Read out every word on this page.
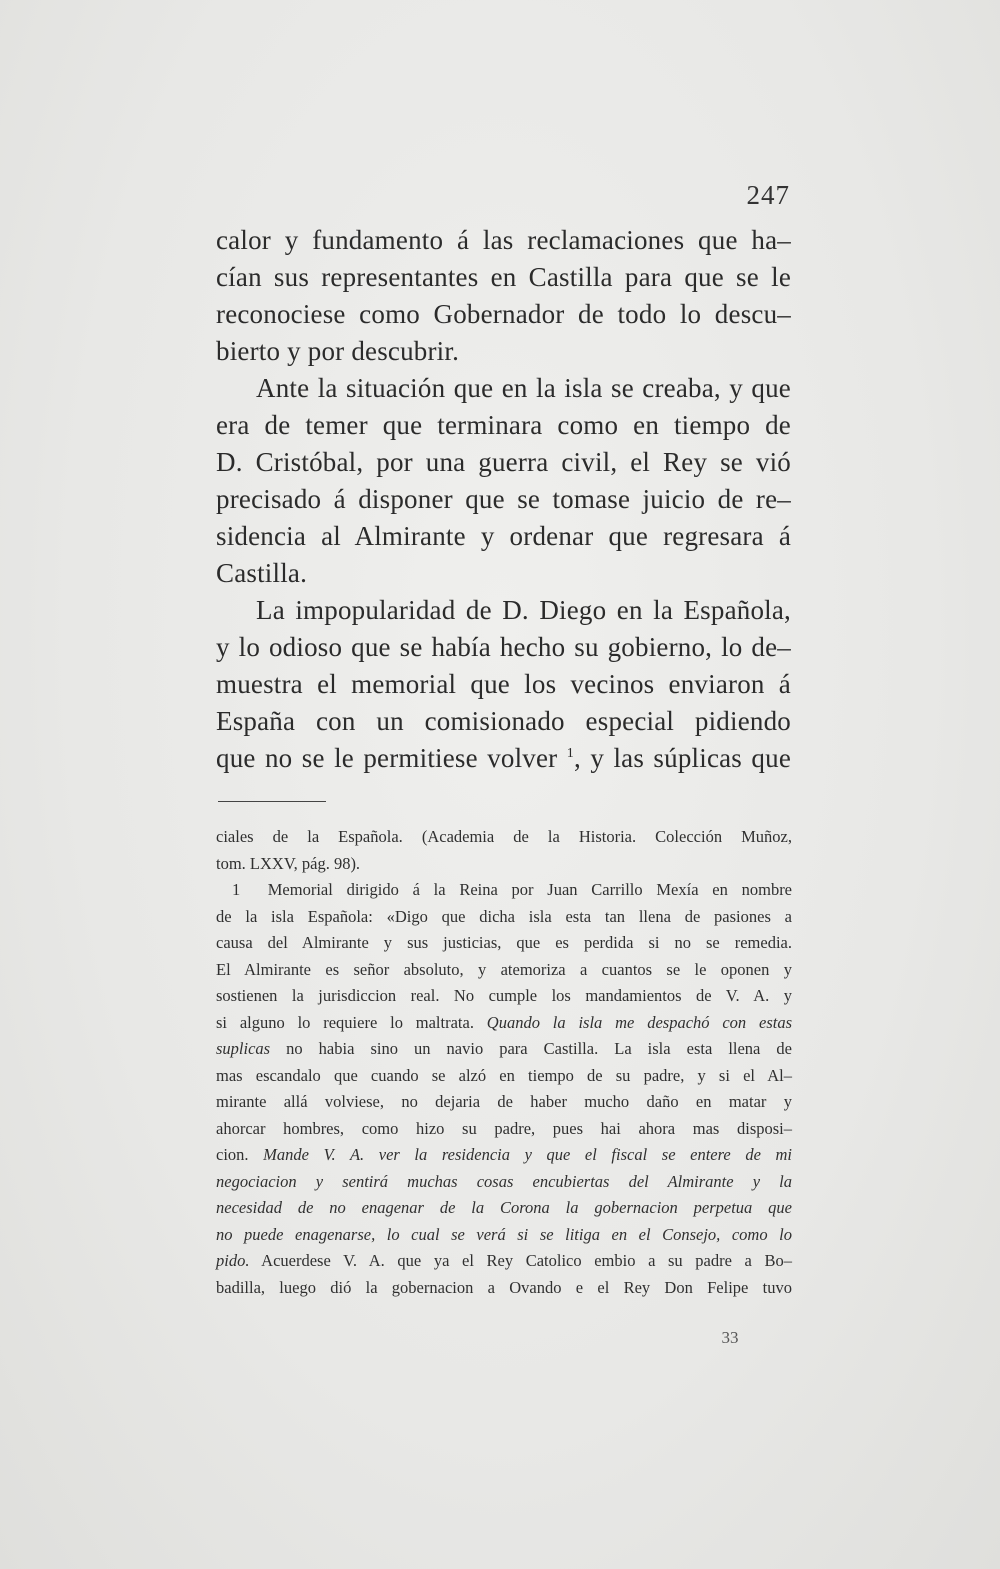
247
calor y fundamento á las reclamaciones que ha–
cían sus representantes en Castilla para que se le
reconociese como Gobernador de todo lo descu–
bierto y por descubrir.
Ante la situación que en la isla se creaba, y que
era de temer que terminara como en tiempo de
D. Cristóbal, por una guerra civil, el Rey se vió
precisado á disponer que se tomase juicio de re–
sidencia al Almirante y ordenar que regresara á
Castilla.
La impopularidad de D. Diego en la Española,
y lo odioso que se había hecho su gobierno, lo de–
muestra el memorial que los vecinos enviaron á
España con un comisionado especial pidiendo
que no se le permitiese volver $^1$, y las súplicas que
ciales de la Española. (Academia de la Historia. Colección Muñoz,
tom. LXXV, pág. 98).
1 Memorial dirigido á la Reina por Juan Carrillo Mexía en nombre
de la isla Española: «Digo que dicha isla esta tan llena de pasiones a
causa del Almirante y sus justicias, que es perdida si no se remedia.
El Almirante es señor absoluto, y atemoriza a cuantos se le oponen y
sostienen la jurisdiccion real. No cumple los mandamientos de V. A. y
si alguno lo requiere lo maltrata. Quando la isla me despachó con estas
suplicas no habia sino un navio para Castilla. La isla esta llena de
mas escandalo que cuando se alzó en tiempo de su padre, y si el Al–
mirante allá volviese, no dejaria de haber mucho daño en matar y
ahorcar hombres, como hizo su padre, pues hai ahora mas disposi–
cion. Mande V. A. ver la residencia y que el fiscal se entere de mi
negociacion y sentirá muchas cosas encubiertas del Almirante y la
necesidad de no enagenar de la Corona la gobernacion perpetua que
no puede enagenarse, lo cual se verá si se litiga en el Consejo, como lo
pido. Acuerdese V. A. que ya el Rey Catolico embio a su padre a Bo–
badilla, luego dió la gobernacion a Ovando e el Rey Don Felipe tuvo
33
